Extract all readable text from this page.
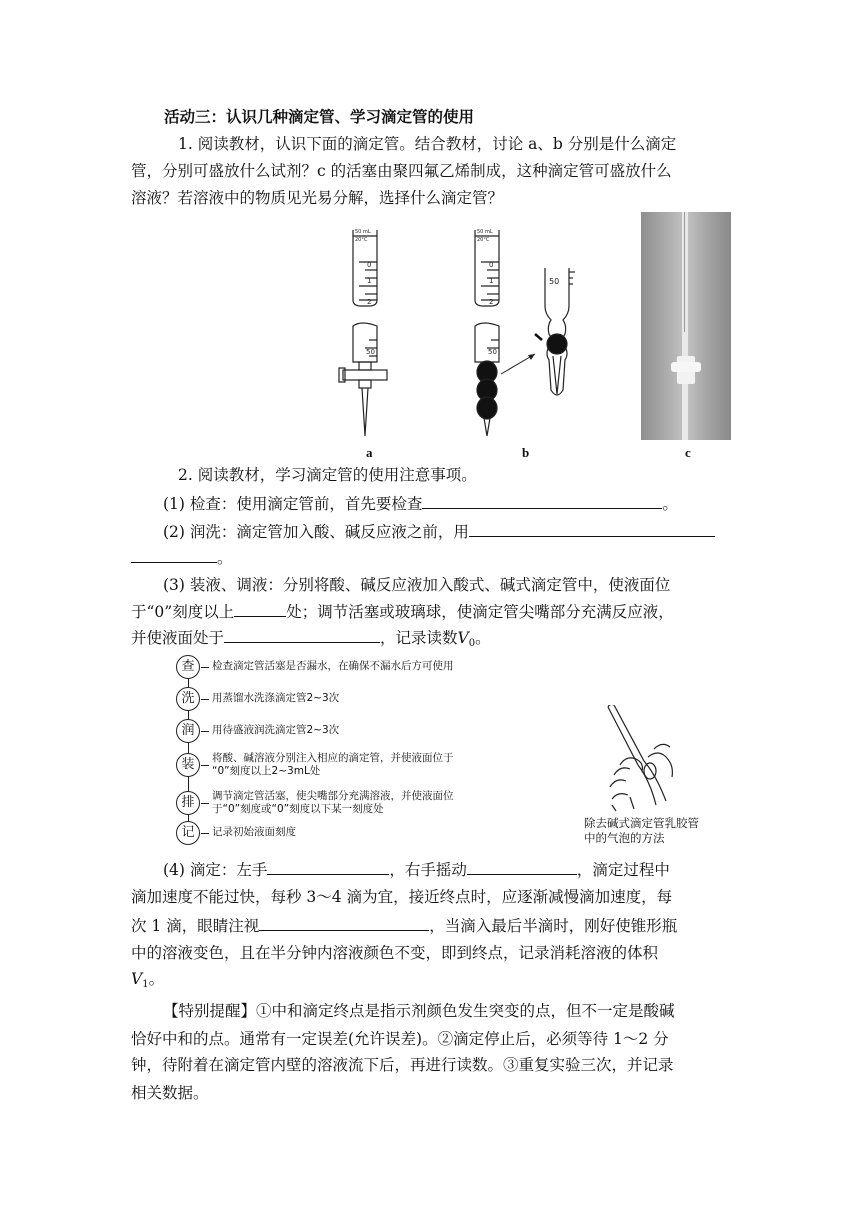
活动三：认识几种滴定管、学习滴定管的使用
1. 阅读教材，认识下面的滴定管。结合教材，讨论 a、b 分别是什么滴定
管，分别可盛放什么试剂？c 的活塞由聚四氟乙烯制成，这种滴定管可盛放什么
溶液？若溶液中的物质见光易分解，选择什么滴定管？
50 mL
20°C
0
1
2
50
50 mL
20°C
0
1
2
50
50
a	b	c
2. 阅读教材，学习滴定管的使用注意事项。
(1) 检查：使用滴定管前，首先要检查	。
(2) 润洗：滴定管加入酸、碱反应液之前，用
。
(3) 装液、调液：分别将酸、碱反应液加入酸式、碱式滴定管中，使液面位
于“0”刻度以上	处；调节活塞或玻璃球，使滴定管尖嘴部分充满反应液，
并使液面处于	，记录读数$V_0$。
查	检查滴定管活塞是否漏水，在确保不漏水后方可使用
洗	用蒸馏水洗涤滴定管2~3次
润	用待盛液润洗滴定管2~3次
装	将酸、碱溶液分别注入相应的滴定管，并使液面位于
“0”刻度以上2~3mL处
排	调节滴定管活塞，使尖嘴部分充满溶液，并使液面位
于“0”刻度或“0”刻度以下某一刻度处
记	记录初始液面刻度
除去碱式滴定管乳胶管
中的气泡的方法
(4) 滴定：左手	，右手摇动	，滴定过程中
滴加速度不能过快，每秒 3～4 滴为宜，接近终点时，应逐渐减慢滴加速度，每
次 1 滴，眼睛注视	，当滴入最后半滴时，刚好使锥形瓶
中的溶液变色，且在半分钟内溶液颜色不变，即到终点，记录消耗溶液的体积
$V_1$。
【特别提醒】①中和滴定终点是指示剂颜色发生突变的点，但不一定是酸碱
恰好中和的点。通常有一定误差(允许误差)。②滴定停止后，必须等待 1～2 分
钟，待附着在滴定管内壁的溶液流下后，再进行读数。③重复实验三次，并记录
相关数据。
